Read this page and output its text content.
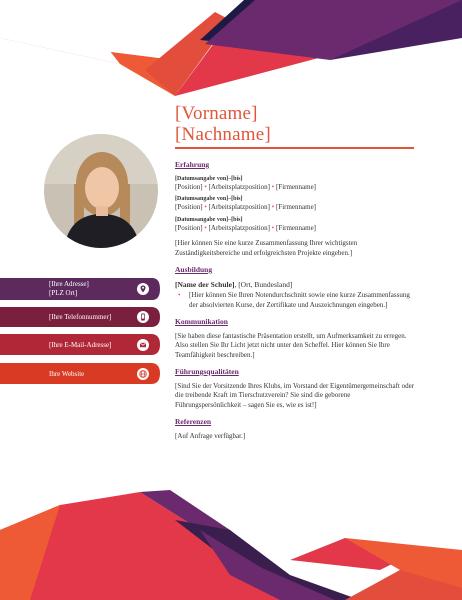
[Vorname]
[Nachname]
[Ihre Adresse]
[PLZ Ort]
[Ihre Telefonnummer]
[Ihre E-Mail-Adresse]
Ihre Website
Erfahrung
[Datumsangabe von]–[bis]
[Position] • [Arbeitsplatzposition] • [Firmenname]
[Datumsangabe von]–[bis]
[Position] • [Arbeitsplatzposition] • [Firmenname]
[Datumsangabe von]–[bis]
[Position] • [Arbeitsplatzposition] • [Firmenname]

[Hier können Sie eine kurze Zusammenfassung Ihrer wichtigsten Zuständigkeitsbereiche und erfolgreichsten Projekte eingeben.]

Ausbildung
[Name der Schule], [Ort, Bundesland]
• [Hier können Sie Ihren Notendurchschnitt sowie eine kurze Zusammenfassung der absolvierten Kurse, der Zertifikate und Auszeichnungen eingeben.]
Kommunikation

[Sie haben diese fantastische Präsentation erstellt, um Aufmerksamkeit zu erregen. Also stellen Sie Ihr Licht jetzt nicht unter den Scheffel. Hier können Sie Ihre Teamfähigkeit beschreiben.]

Führungsqualitäten

[Sind Sie der Vorsitzende Ihres Klubs, im Vorstand der Eigentümergemeinschaft oder die treibende Kraft im Tierschutzverein? Sie sind die geborene Führungspersönlichkeit – sagen Sie es, wie es ist!]

Referenzen

[Auf Anfrage verfügbar.]
